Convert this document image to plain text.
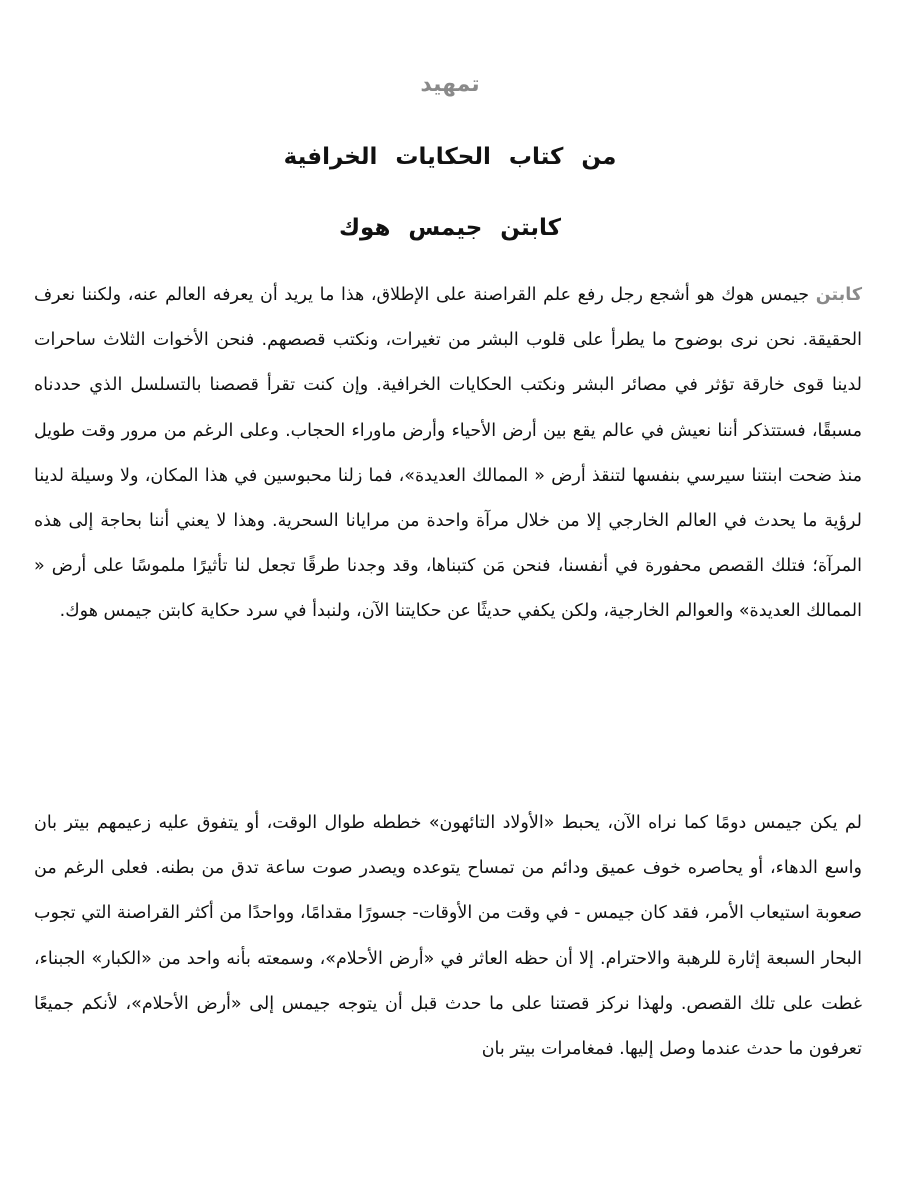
تمهيد
من كتاب الحكايات الخرافية
كابتن جيمس هوك

كابتن جيمس هوك هو أشجع رجل رفع علم القراصنة على الإطلاق، هذا ما يريد أن يعرفه العالم عنه، ولكننا نعرف الحقيقة. نحن نرى بوضوح ما يطرأ على قلوب البشر من تغيرات، ونكتب قصصهم. فنحن الأخوات الثلاث ساحرات لدينا قوى خارقة تؤثر في مصائر البشر ونكتب الحكايات الخرافية. وإن كنت تقرأ قصصنا بالتسلسل الذي حددناه مسبقًا، فستتذكر أننا نعيش في عالم يقع بين أرض الأحياء وأرض ماوراء الحجاب. وعلى الرغم من مرور وقت طويل منذ ضحت ابنتنا سيرسي بنفسها لتنقذ أرض « الممالك العديدة»، فما زلنا محبوسين في هذا المكان، ولا وسيلة لدينا لرؤية ما يحدث في العالم الخارجي إلا من خلال مرآة واحدة من مرايانا السحرية. وهذا لا يعني أننا بحاجة إلى هذه المرآة؛ فتلك القصص محفورة في أنفسنا، فنحن مَن كتبناها، وقد وجدنا طرقًا تجعل لنا تأثيرًا ملموسًا على أرض « الممالك العديدة» والعوالم الخارجية، ولكن يكفي حديثًا عن حكايتنا الآن، ولنبدأ في سرد حكاية كابتن جيمس هوك.

لم يكن جيمس دومًا كما نراه الآن، يحبط «الأولاد التائهون» خططه طوال الوقت، أو يتفوق عليه زعيمهم بيتر بان واسع الدهاء، أو يحاصره خوف عميق ودائم من تمساح يتوعده ويصدر صوت ساعة تدق من بطنه. فعلى الرغم من صعوبة استيعاب الأمر، فقد كان جيمس - في وقت من الأوقات- جسورًا مقدامًا، وواحدًا من أكثر القراصنة التي تجوب البحار السبعة إثارة للرهبة والاحترام. إلا أن حظه العاثر في «أرض الأحلام»، وسمعته بأنه واحد من «الكبار» الجبناء، غطت على تلك القصص. ولهذا نركز قصتنا على ما حدث قبل أن يتوجه جيمس إلى «أرض الأحلام»، لأنكم جميعًا تعرفون ما حدث عندما وصل إليها. فمغامرات بيتر بان
